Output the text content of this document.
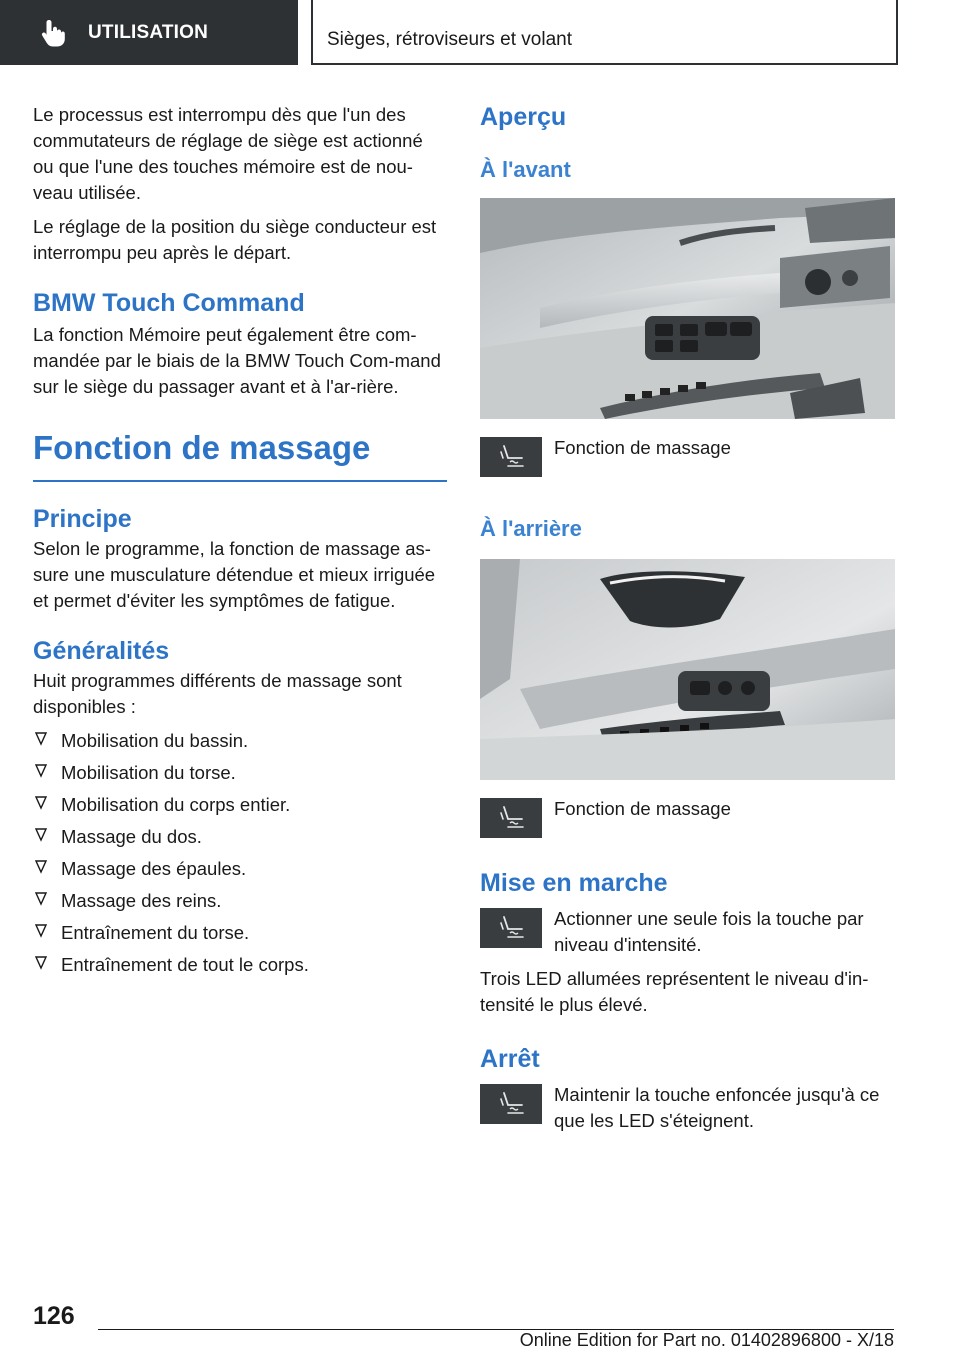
UTILISATION	Sièges, rétroviseurs et volant

Le processus est interrompu dès que l'un des commutateurs de réglage de siège est actionné ou que l'une des touches mémoire est de nou-veau utilisée.

Le réglage de la position du siège conducteur est interrompu peu après le départ.

BMW Touch Command

La fonction Mémoire peut également être com-mandée par le biais de la BMW Touch Com-mand sur le siège du passager avant et à l'ar-rière.

Fonction de massage
Principe

Selon le programme, la fonction de massage as-sure une musculature détendue et mieux irriguée et permet d'éviter les symptômes de fatigue.

Généralités

Huit programmes différents de massage sont disponibles :

Mobilisation du bassin.
Mobilisation du torse.
Mobilisation du corps entier.
Massage du dos.
Massage des épaules.
Massage des reins.
Entraînement du torse.
Entraînement de tout le corps.
Aperçu
À l'avant
Fonction de massage
À l'arrière
Fonction de massage
Mise en marche
Actionner une seule fois la touche par niveau d'intensité.

Trois LED allumées représentent le niveau d'in-tensité le plus élevé.

Arrêt
Maintenir la touche enfoncée jusqu'à ce que les LED s'éteignent.
126
Online Edition for Part no. 01402896800 - X/18
